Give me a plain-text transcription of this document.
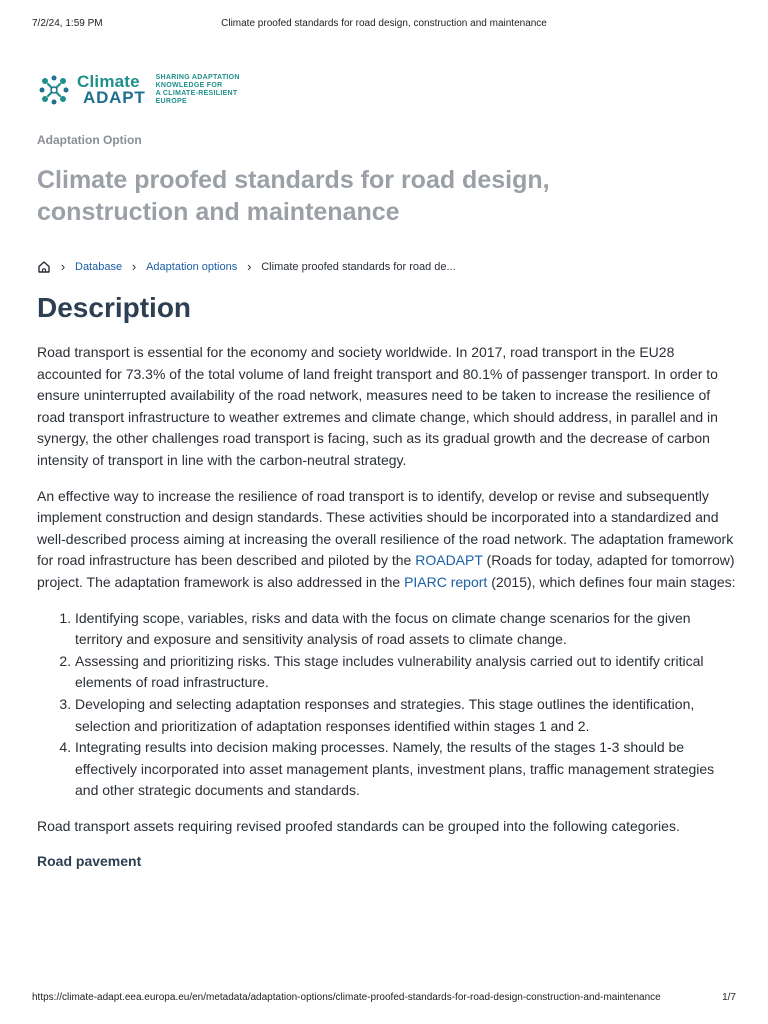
7/2/24, 1:59 PM	Climate proofed standards for road design, construction and maintenance
Climate
ADAPT
SHARING ADAPTATION
KNOWLEDGE FOR
A CLIMATE-RESILIENT
EUROPE
Adaptation Option
Climate proofed standards for road design, construction and maintenance
› Database › Adaptation options › Climate proofed standards for road de...
Description

Road transport is essential for the economy and society worldwide. In 2017, road transport in the EU28 accounted for 73.3% of the total volume of land freight transport and 80.1% of passenger transport. In order to ensure uninterrupted availability of the road network, measures need to be taken to increase the resilience of road transport infrastructure to weather extremes and climate change, which should address, in parallel and in synergy, the other challenges road transport is facing, such as its gradual growth and the decrease of carbon intensity of transport in line with the carbon-neutral strategy.

An effective way to increase the resilience of road transport is to identify, develop or revise and subsequently implement construction and design standards. These activities should be incorporated into a standardized and well-described process aiming at increasing the overall resilience of the road network. The adaptation framework for road infrastructure has been described and piloted by the ROADAPT (Roads for today, adapted for tomorrow) project. The adaptation framework is also addressed in the PIARC report (2015), which defines four main stages:

1. Identifying scope, variables, risks and data with the focus on climate change scenarios for the given territory and exposure and sensitivity analysis of road assets to climate change.
2. Assessing and prioritizing risks. This stage includes vulnerability analysis carried out to identify critical elements of road infrastructure.
3. Developing and selecting adaptation responses and strategies. This stage outlines the identification, selection and prioritization of adaptation responses identified within stages 1 and 2.
4. Integrating results into decision making processes. Namely, the results of the stages 1-3 should be effectively incorporated into asset management plants, investment plans, traffic management strategies and other strategic documents and standards.

Road transport assets requiring revised proofed standards can be grouped into the following categories.

Road pavement
https://climate-adapt.eea.europa.eu/en/metadata/adaptation-options/climate-proofed-standards-for-road-design-construction-and-maintenance	1/7
